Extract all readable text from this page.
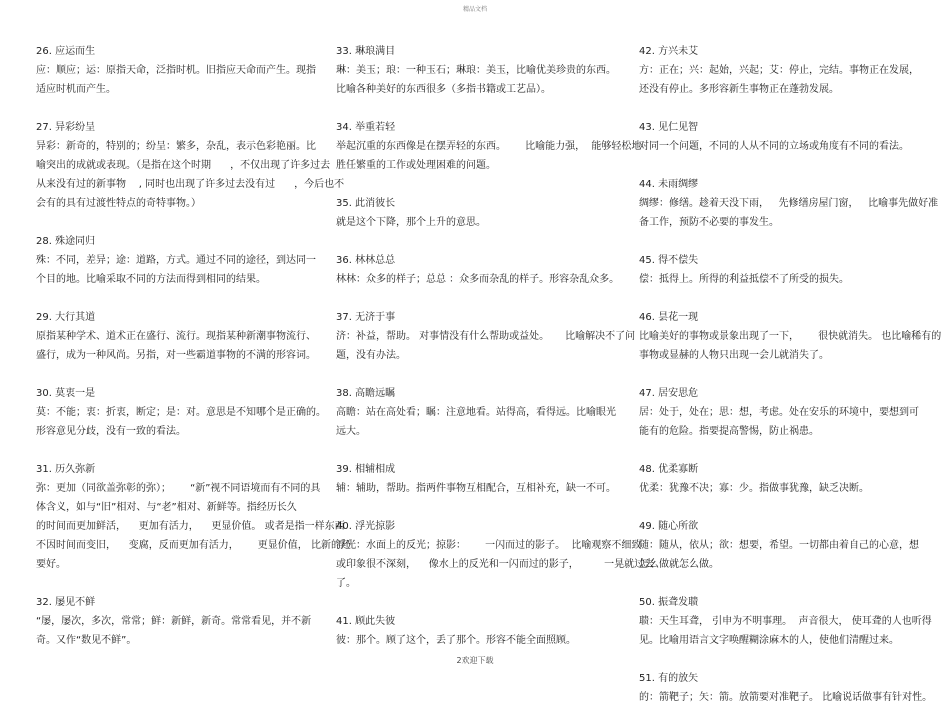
精品文档
26. 应运而生
应：顺应；运：原指天命，泛指时机。旧指应天命而产生。现指
适应时机而产生。
27. 异彩纷呈
异彩：新奇的，特别的；纷呈：繁多，杂乱，表示色彩艳丽。比
喻突出的成就或表现。（是指在这个时期      ，不仅出现了许多过去
从来没有过的新事物    , 同时也出现了许多过去没有过      ，今后也不
会有的具有过渡性特点的奇特事物。）
28. 殊途同归
殊：不同，差异；途：道路，方式。通过不同的途径，到达同一
个目的地。比喻采取不同的方法而得到相同的结果。
29. 大行其道
原指某种学术、道术正在盛行、流行。现指某种新潮事物流行、
盛行，成为一种风尚。另指，对一些霸道事物的不满的形容词。
30. 莫衷一是
莫：不能；衷：折衷，断定；是：对。意思是不知哪个是正确的。
形容意见分歧，没有一致的看法。
31. 历久弥新
弥：更加（同欲盖弥彰的弥）；      “新”视不同语境而有不同的具
体含义，如与“旧”相对、与“老”相对、新鲜等。指经历长久
的时间而更加鲜活，    更加有活力，    更显价值。 或者是指一样东西
不因时间而变旧，    变腐，反而更加有活力，      更显价值， 比新的还
要好。
32. 屡见不鲜
“屡，屡次，多次，常常；鲜：新鲜，新奇。常常看见，并不新
奇。又作“数见不鲜”。
33. 琳琅满目
琳：美玉；琅：一种玉石；琳琅：美玉，比喻优美珍贵的东西。
比喻各种美好的东西很多（多指书籍或工艺品）。
34. 举重若轻
举起沉重的东西像是在摆弄轻的东西。      比喻能力强，  能够轻松地
胜任繁重的工作或处理困难的问题。
35. 此消彼长
就是这个下降，那个上升的意思。
36. 林林总总
林林：众多的样子；总总 ：众多而杂乱的样子。形容杂乱众多。
37. 无济于事
济：补益，帮助。 对事情没有什么帮助或益处。     比喻解决不了问
题，没有办法。
38. 高瞻远瞩
高瞻：站在高处看；瞩：注意地看。站得高，看得远。比喻眼光
远大。
39. 相辅相成
辅：辅助，帮助。指两件事物互相配合，互相补充，缺一不可。
40. 浮光掠影
浮光：水面上的反光；掠影：      一闪而过的影子。  比喻观察不细致
或印象很不深刻，    像水上的反光和一闪而过的影子，        一晃就过去
了。
41. 顾此失彼
彼：那个。顾了这个，丢了那个。形容不能全面照顾。
42. 方兴未艾
方：正在；兴：起始，兴起；艾：停止，完结。事物正在发展，
还没有停止。多形容新生事物正在蓬勃发展。
43. 见仁见智
对同一个问题，不同的人从不同的立场或角度有不同的看法。
44. 未雨绸缪
绸缪：修缮。趁着天没下雨，   先修缮房屋门窗，   比喻事先做好准
备工作，预防不必要的事发生。
45. 得不偿失
偿：抵得上。所得的利益抵偿不了所受的损失。
46. 昙花一现
比喻美好的事物或景象出现了一下，      很快就消失。 也比喻稀有的
事物或显赫的人物只出现一会儿就消失了。
47. 居安思危
居：处于，处在；思：想，考虑。处在安乐的环境中，要想到可
能有的危险。指要提高警惕，防止祸患。
48. 优柔寡断
优柔：犹豫不决；寡：少。指做事犹豫，缺乏决断。
49. 随心所欲
随：随从，依从；欲：想要，希望。一切都由着自己的心意，想
怎么做就怎么做。
50. 振聋发聩
聩：天生耳聋， 引申为不明事理。  声音很大， 使耳聋的人也听得
见。比喻用语言文字唤醒糊涂麻木的人，使他们清醒过来。
51. 有的放矢
的：箭靶子；矢：箭。放箭要对准靶子。 比喻说话做事有针对性。
2欢迎下载
